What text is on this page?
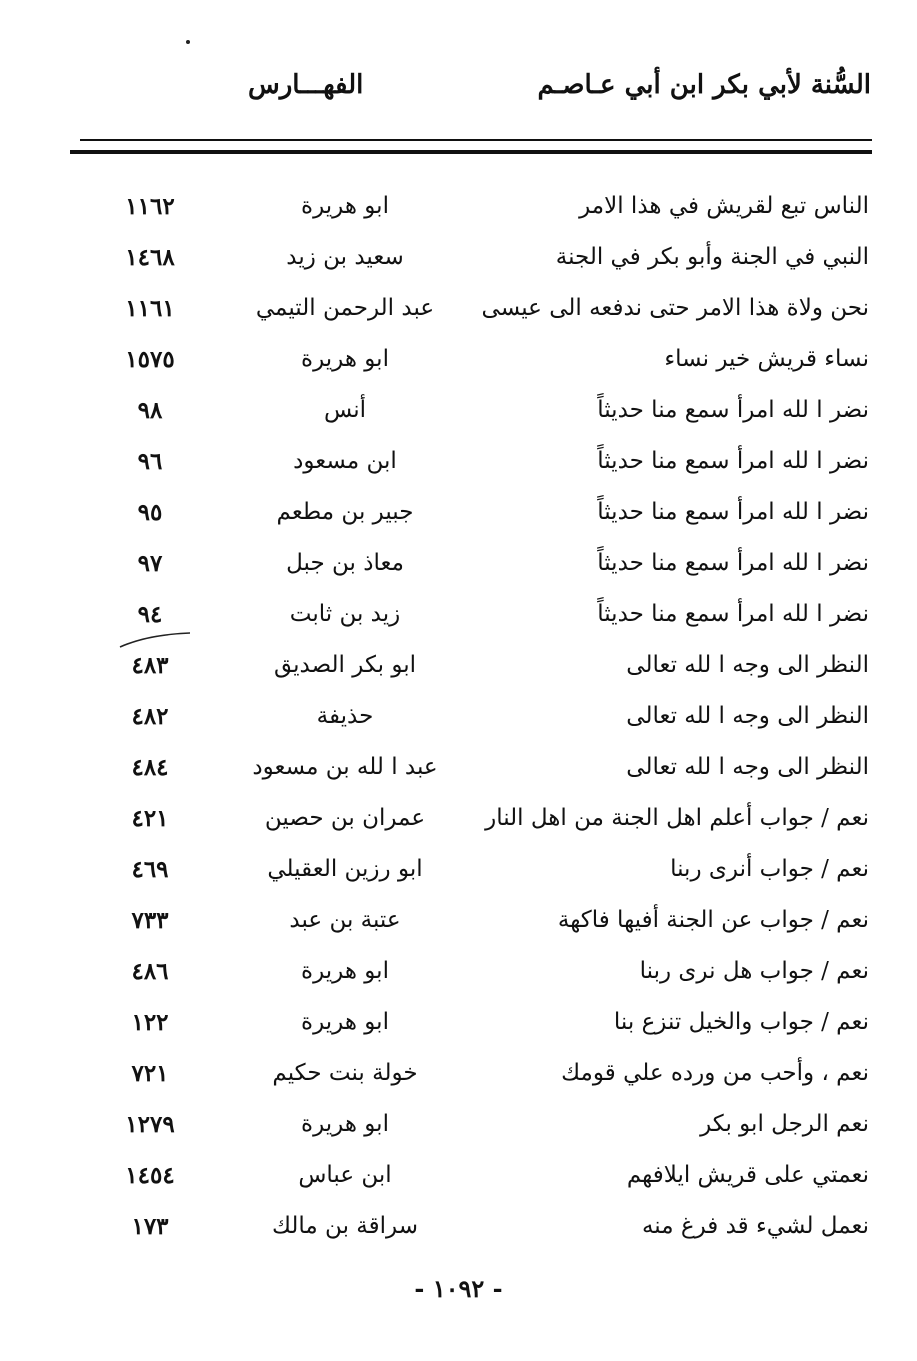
السُّنة لأبي بكر ابن أبي عـاصـم
الفهـــارس
الناس تبع لقريش في هذا الامر
ابو هريرة
١١٦٢
النبي في الجنة وأبو بكر في الجنة
سعيد بن زيد
١٤٦٨
نحن ولاة هذا الامر حتى ندفعه الى عيسى
عبد الرحمن التيمي
١١٦١
نساء قريش خير نساء
ابو هريرة
١٥٧٥
نضر ا لله امرأ سمع منا حديثاً
أنس
٩٨
نضر ا لله امرأ سمع منا حديثاً
ابن مسعود
٩٦
نضر ا لله امرأ سمع منا حديثاً
جبير بن مطعم
٩٥
نضر ا لله امرأ سمع منا حديثاً
معاذ بن جبل
٩٧
نضر ا لله امرأ سمع منا حديثاً
زيد بن ثابت
٩٤
النظر الى وجه ا لله تعالى
ابو بكر الصديق
٤٨٣
النظر الى وجه ا لله تعالى
حذيفة
٤٨٢
النظر الى وجه ا لله تعالى
عبد ا لله بن مسعود
٤٨٤
نعم / جواب أعلم اهل الجنة من اهل النار
عمران بن حصين
٤٢١
نعم / جواب أنرى ربنا
ابو رزين العقيلي
٤٦٩
نعم / جواب عن الجنة أفيها فاكهة
عتبة بن عبد
٧٣٣
نعم / جواب هل نرى ربنا
ابو هريرة
٤٨٦
نعم / جواب والخيل تنزع بنا
ابو هريرة
١٢٢
نعم ، وأحب من ورده علي قومك
خولة بنت حكيم
٧٢١
نعم الرجل ابو بكر
ابو هريرة
١٢٧٩
نعمتي على قريش ايلافهم
ابن عباس
١٤٥٤
نعمل لشيء قد فرغ منه
سراقة بن مالك
١٧٣
- ١٠٩٢ -
